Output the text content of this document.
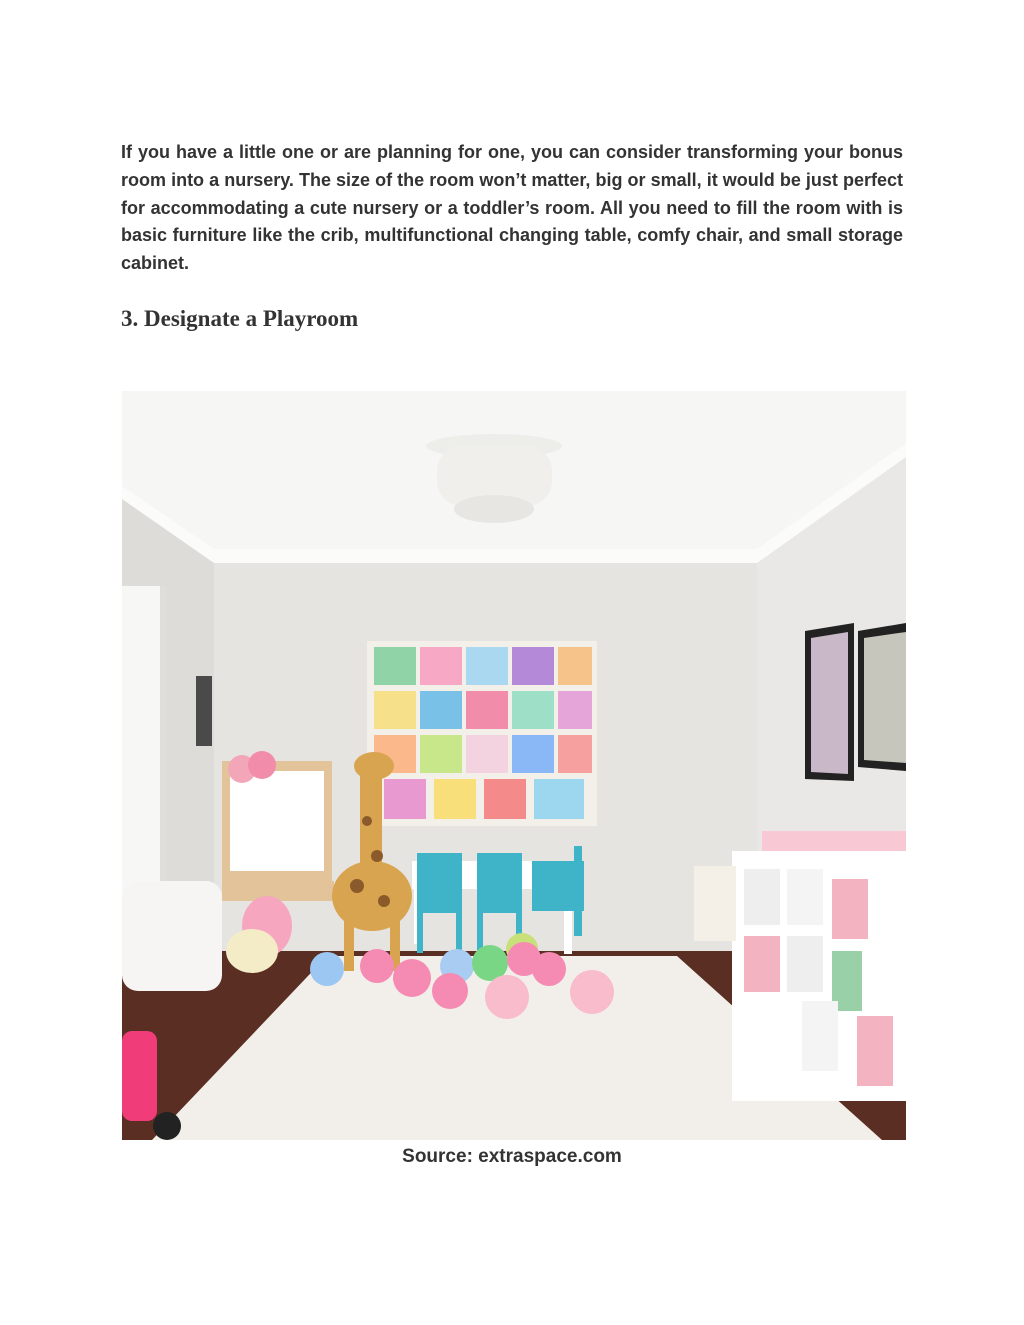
If you have a little one or are planning for one, you can consider transforming your bonus room into a nursery. The size of the room won’t matter, big or small, it would be just perfect for accommodating a cute nursery or a toddler’s room. All you need to fill the room with is basic furniture like the crib, multifunctional changing table, comfy chair, and small storage cabinet.

3. Designate a Playroom
Source: extraspace.com
